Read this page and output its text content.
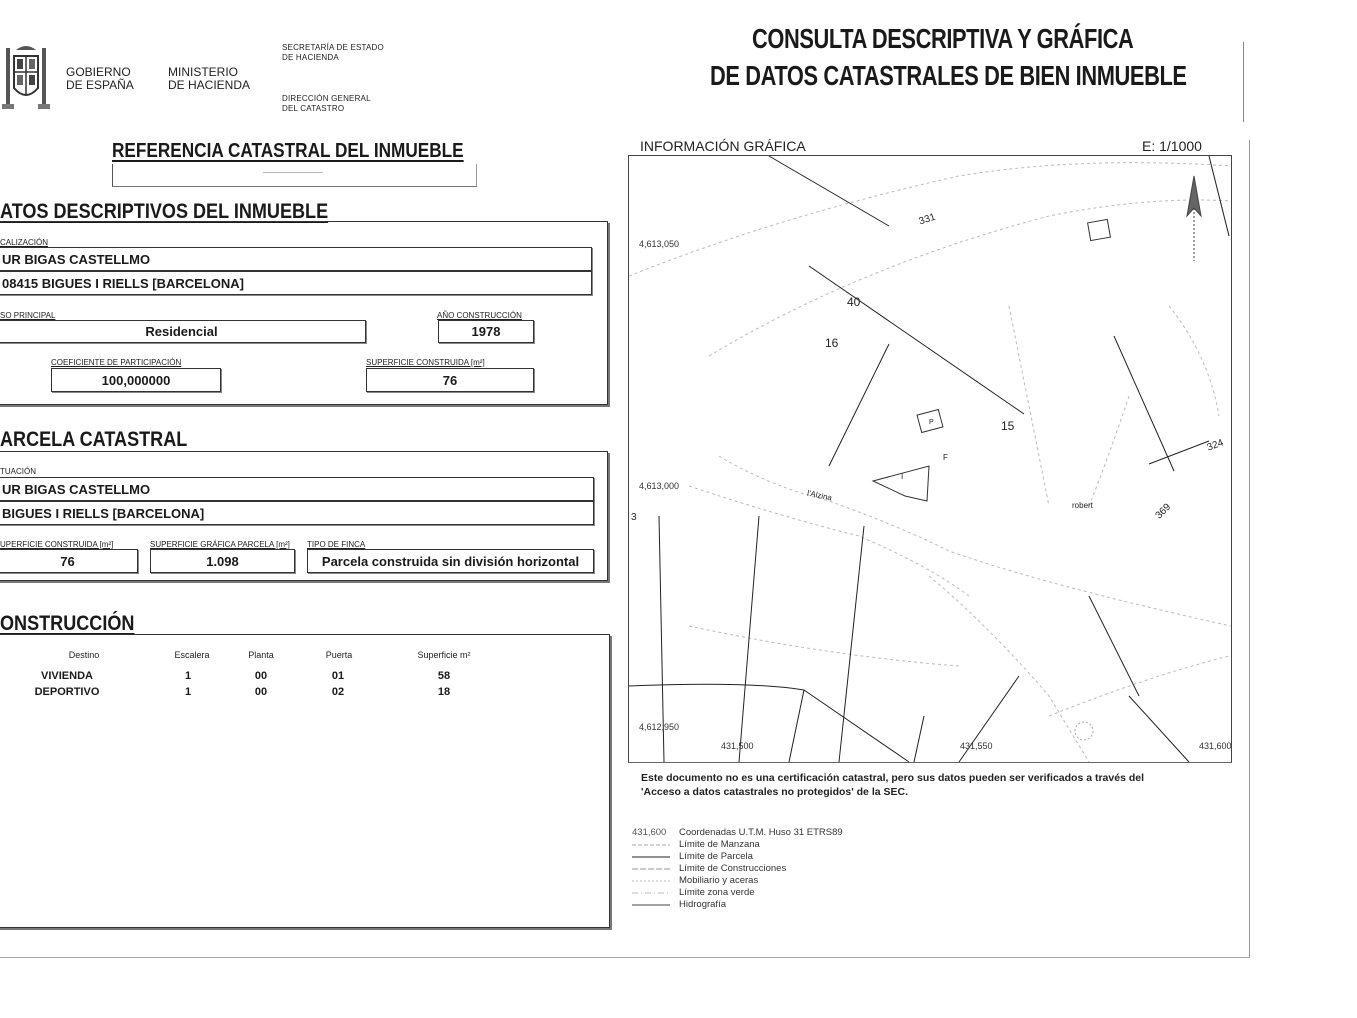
GOBIERNO
DE ESPAÑA
MINISTERIO
DE HACIENDA
SECRETARÍA DE ESTADO
DE HACIENDA
DIRECCIÓN GENERAL
DEL CATASTRO
CONSULTA DESCRIPTIVA Y GRÁFICA
DE DATOS CATASTRALES DE BIEN INMUEBLE
REFERENCIA CATASTRAL DEL INMUEBLE
ATOS DESCRIPTIVOS DEL INMUEBLE
CALIZACIÓN
UR BIGAS CASTELLMO
08415 BIGUES I RIELLS [BARCELONA]
SO PRINCIPAL
Residencial
AÑO CONSTRUCCIÓN
1978
COEFICIENTE DE PARTICIPACIÓN
100,000000
SUPERFICIE CONSTRUIDA [m²]
76
ARCELA CATASTRAL
TUACIÓN
UR BIGAS CASTELLMO
BIGUES I RIELLS [BARCELONA]
UPERFICIE CONSTRUIDA [m²]
76
SUPERFICIE GRÁFICA PARCELA [m²]
1.098
TIPO DE FINCA
Parcela construida sin división horizontal
ONSTRUCCIÓN
Destino	Escalera	Planta	Puerta	Superficie m²
VIVIENDA	1	00	01	58
DEPORTIVO	1	00	02	18
INFORMACIÓN GRÁFICA	E: 1/1000
4,613,050
4,613,000
4,612,950
431,500	431,550	431,600
331
40
16
15
324
369
l'Alzina
robert
3
F
I
P
Este documento no es una certificación catastral, pero sus datos pueden ser verificados a través del
'Acceso a datos catastrales no protegidos' de la SEC.
431,600 Coordenadas U.T.M. Huso 31 ETRS89
Límite de Manzana
Límite de Parcela
Límite de Construcciones
Mobiliario y aceras
Límite zona verde
Hidrografía
